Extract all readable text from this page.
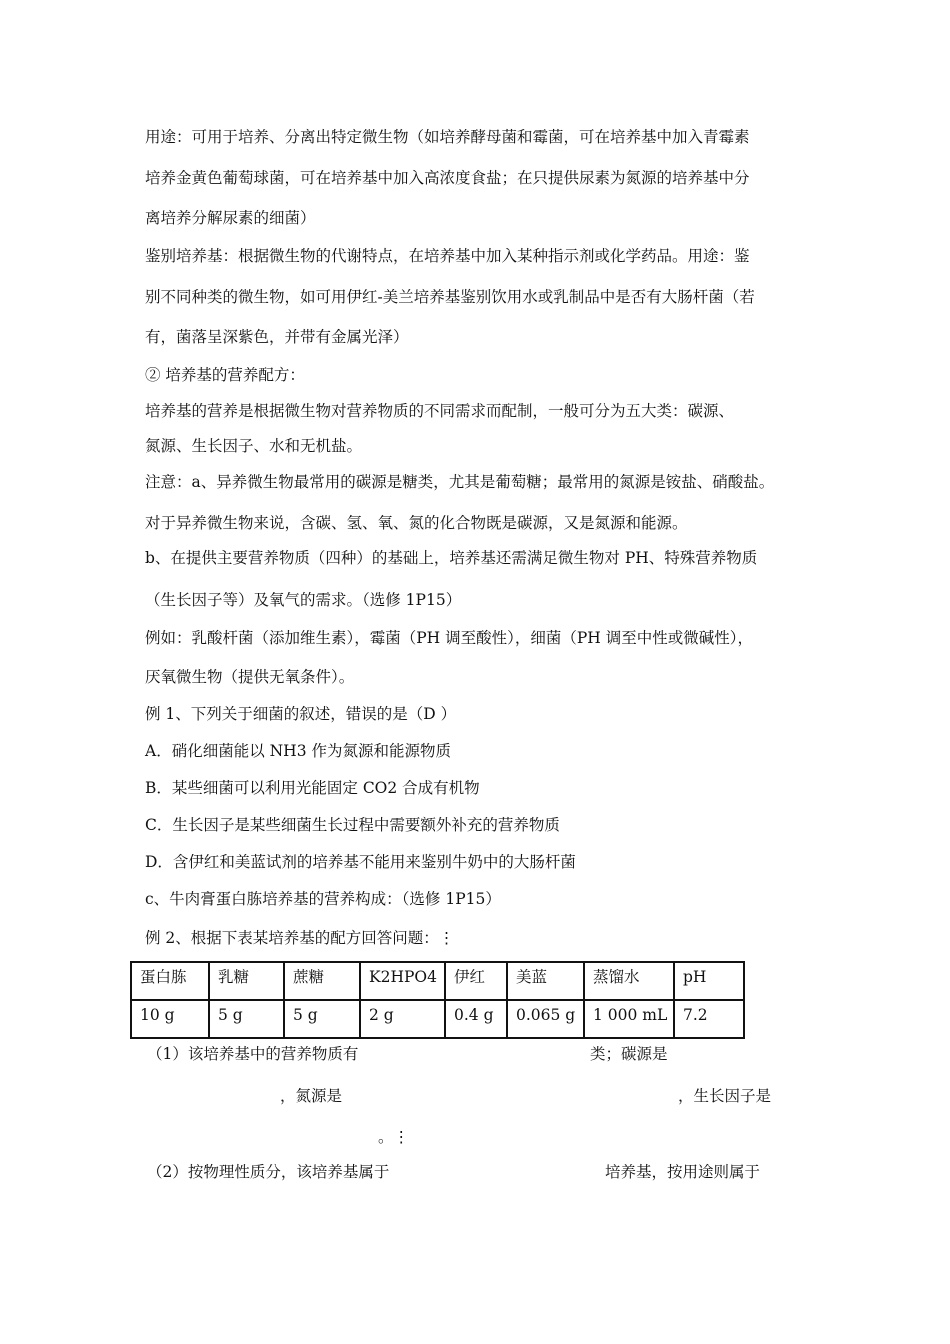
用途：可用于培养、分离出特定微生物（如培养酵母菌和霉菌，可在培养基中加入青霉素
培养金黄色葡萄球菌，可在培养基中加入高浓度食盐；在只提供尿素为氮源的培养基中分
离培养分解尿素的细菌）
鉴别培养基：根据微生物的代谢特点，在培养基中加入某种指示剂或化学药品。用途：鉴
别不同种类的微生物，如可用伊红-美兰培养基鉴别饮用水或乳制品中是否有大肠杆菌（若
有，菌落呈深紫色，并带有金属光泽）
② 培养基的营养配方：
培养基的营养是根据微生物对营养物质的不同需求而配制，一般可分为五大类：碳源、
氮源、生长因子、水和无机盐。
注意：a、异养微生物最常用的碳源是糖类，尤其是葡萄糖；最常用的氮源是铵盐、硝酸盐。
对于异养微生物来说，含碳、氢、氧、氮的化合物既是碳源，又是氮源和能源。
b、在提供主要营养物质（四种）的基础上，培养基还需满足微生物对 PH、特殊营养物质
（生长因子等）及氧气的需求。（选修 1P15）
例如：乳酸杆菌（添加维生素），霉菌（PH 调至酸性），细菌（PH 调至中性或微碱性），
厌氧微生物（提供无氧条件）。
例 1、下列关于细菌的叙述，错误的是（D ）
A．硝化细菌能以 NH3 作为氮源和能源物质
B．某些细菌可以利用光能固定 CO2 合成有机物
C．生长因子是某些细菌生长过程中需要额外补充的营养物质
D．含伊红和美蓝试剂的培养基不能用来鉴别牛奶中的大肠杆菌
c、牛肉膏蛋白胨培养基的营养构成：（选修 1P15）
例 2、根据下表某培养基的配方回答问题：⋮
蛋白胨	乳糖	蔗糖	K2HPO4	伊红	美蓝	蒸馏水	pH
10 g	5 g	5 g	2 g	0.4 g	0.065 g	1 000 mL	7.2
（1）该培养基中的营养物质有	类；碳源是
，氮源是	，生长因子是
。⋮
（2）按物理性质分，该培养基属于	培养基，按用途则属于
